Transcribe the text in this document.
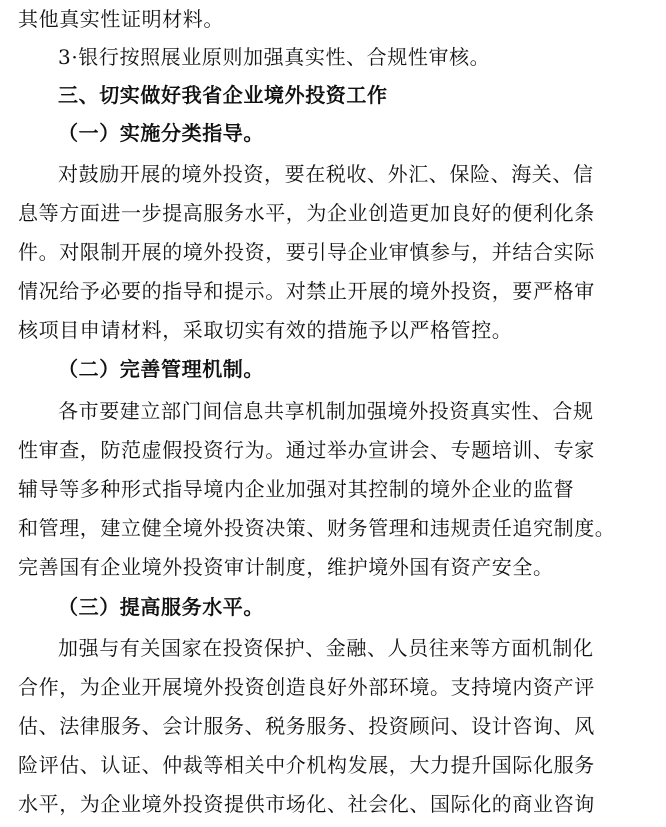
其他真实性证明材料。
3·银行按照展业原则加强真实性、合规性审核。
三、切实做好我省企业境外投资工作
（一）实施分类指导。
对鼓励开展的境外投资，要在税收、外汇、保险、海关、信
息等方面进一步提高服务水平，为企业创造更加良好的便利化条
件。对限制开展的境外投资，要引导企业审慎参与，并结合实际
情况给予必要的指导和提示。对禁止开展的境外投资，要严格审
核项目申请材料，采取切实有效的措施予以严格管控。
（二）完善管理机制。
各市要建立部门间信息共享机制加强境外投资真实性、合规
性审查，防范虚假投资行为。通过举办宣讲会、专题培训、专家
辅导等多种形式指导境内企业加强对其控制的境外企业的监督
和管理，建立健全境外投资决策、财务管理和违规责任追究制度。
完善国有企业境外投资审计制度，维护境外国有资产安全。
（三）提高服务水平。
加强与有关国家在投资保护、金融、人员往来等方面机制化
合作，为企业开展境外投资创造良好外部环境。支持境内资产评
估、法律服务、会计服务、税务服务、投资顾问、设计咨询、风
险评估、认证、仲裁等相关中介机构发展，大力提升国际化服务
水平，为企业境外投资提供市场化、社会化、国际化的商业咨询
